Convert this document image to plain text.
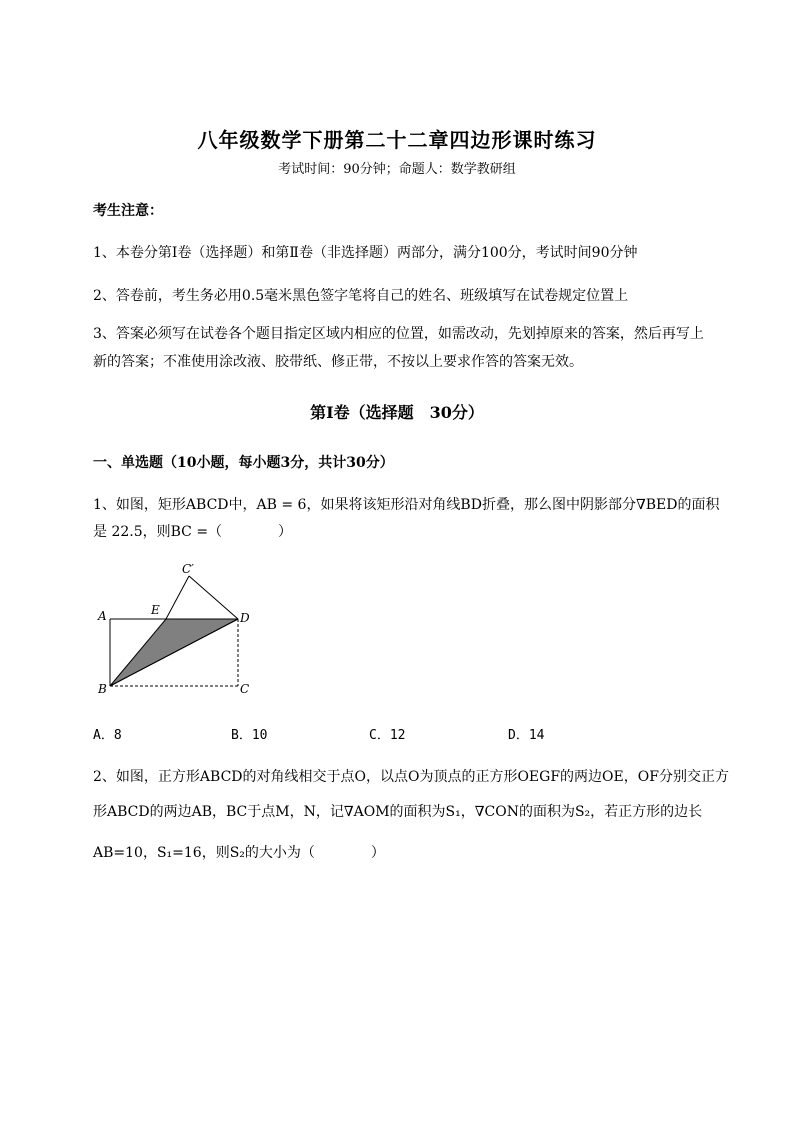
八年级数学下册第二十二章四边形课时练习
考试时间：90分钟；命题人：数学教研组
考生注意：
1、本卷分第Ⅰ卷（选择题）和第Ⅱ卷（非选择题）两部分，满分100分，考试时间90分钟
2、答卷前，考生务必用0.5毫米黑色签字笔将自己的姓名、班级填写在试卷规定位置上
3、答案必须写在试卷各个题目指定区域内相应的位置，如需改动，先划掉原来的答案，然后再写上新的答案；不准使用涂改液、胶带纸、修正带，不按以上要求作答的答案无效。
第Ⅰ卷（选择题　30分）
一、单选题（10小题，每小题3分，共计30分）
1、如图，矩形ABCD中，AB = 6，如果将该矩形沿对角线BD折叠，那么图中阴影部分∇BED的面积
是 22.5，则BC =（　　　　）
A
B	C
D
E
C′
A．8	B．10	C．12	D．14
2、如图，正方形ABCD的对角线相交于点O，以点O为顶点的正方形OEGF的两边OE，OF分别交正方
形ABCD的两边AB，BC于点M，N，记∇AOM的面积为S₁，∇CON的面积为S₂，若正方形的边长
AB=10，S₁=16，则S₂的大小为（　　　　）
